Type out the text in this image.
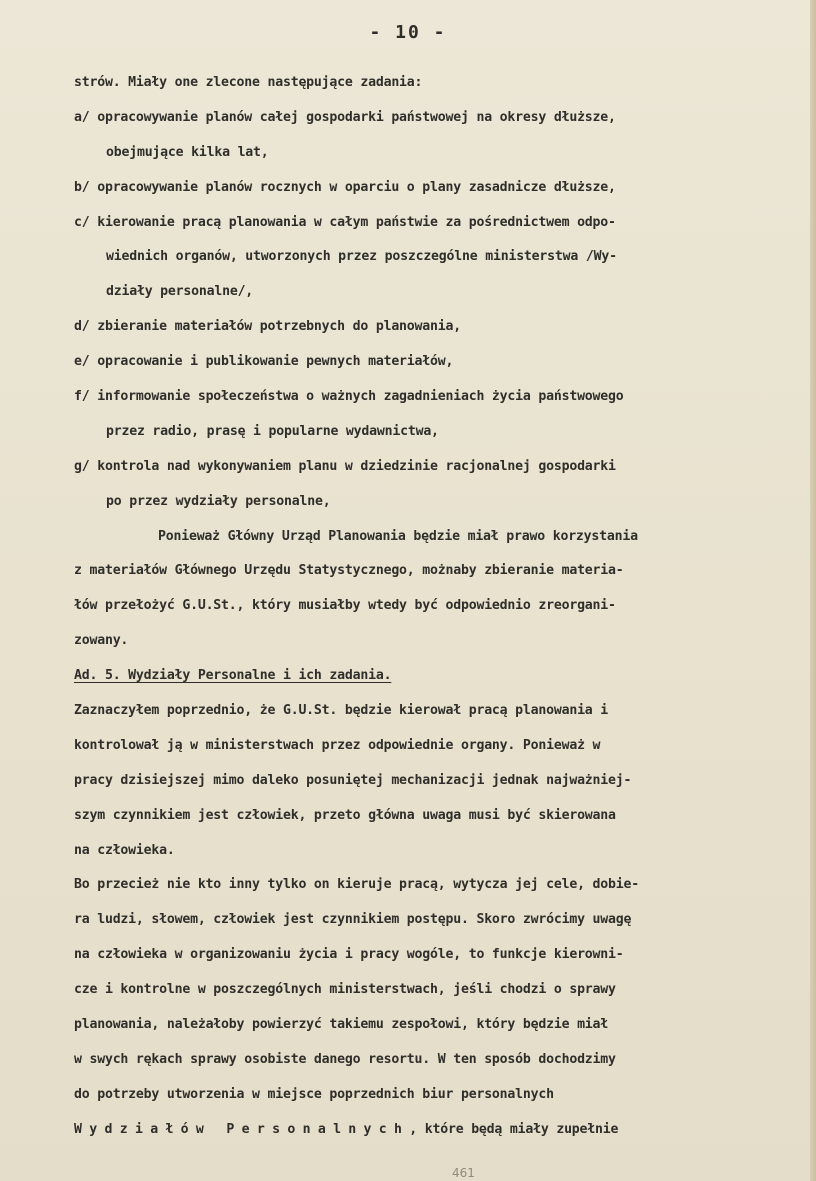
- 10 -
strów. Miały one zlecone następujące zadania:
a/ opracowywanie planów całej gospodarki państwowej na okresy dłuższe,
obejmujące kilka lat,
b/ opracowywanie planów rocznych w oparciu o plany zasadnicze dłuższe,
c/ kierowanie pracą planowania w całym państwie za pośrednictwem odpo-
wiednich organów, utworzonych przez poszczególne ministerstwa /Wy-
działy personalne/,
d/ zbieranie materiałów potrzebnych do planowania,
e/ opracowanie i publikowanie pewnych materiałów,
f/ informowanie społeczeństwa o ważnych zagadnieniach życia państwowego
przez radio, prasę i popularne wydawnictwa,
g/ kontrola nad wykonywaniem planu w dziedzinie racjonalnej gospodarki
po przez wydziały personalne,
Ponieważ Główny Urząd Planowania będzie miał prawo korzystania
z materiałów Głównego Urzędu Statystycznego, możnaby zbieranie materia-
łów przełożyć G.U.St., który musiałby wtedy być odpowiednio zreorgani-
zowany.
Ad. 5. Wydziały Personalne i ich zadania.
Zaznaczyłem poprzednio, że G.U.St. będzie kierował pracą planowania i
kontrolował ją w ministerstwach przez odpowiednie organy. Ponieważ w
pracy dzisiejszej mimo daleko posuniętej mechanizacji jednak najważniej-
szym czynnikiem jest człowiek, przeto główna uwaga musi być skierowana
na człowieka.
Bo przecież nie kto inny tylko on kieruje pracą, wytycza jej cele, dobie-
ra ludzi, słowem, człowiek jest czynnikiem postępu. Skoro zwrócimy uwagę
na człowieka w organizowaniu życia i pracy wogóle, to funkcje kierowni-
cze i kontrolne w poszczególnych ministerstwach, jeśli chodzi o sprawy
planowania, należałoby powierzyć takiemu zespołowi, który będzie miał
w swych rękach sprawy osobiste danego resortu. W ten sposób dochodzimy
do potrzeby utworzenia w miejsce poprzednich biur personalnych
Wydziałów Personalnych, które będą miały zupełnie
461
